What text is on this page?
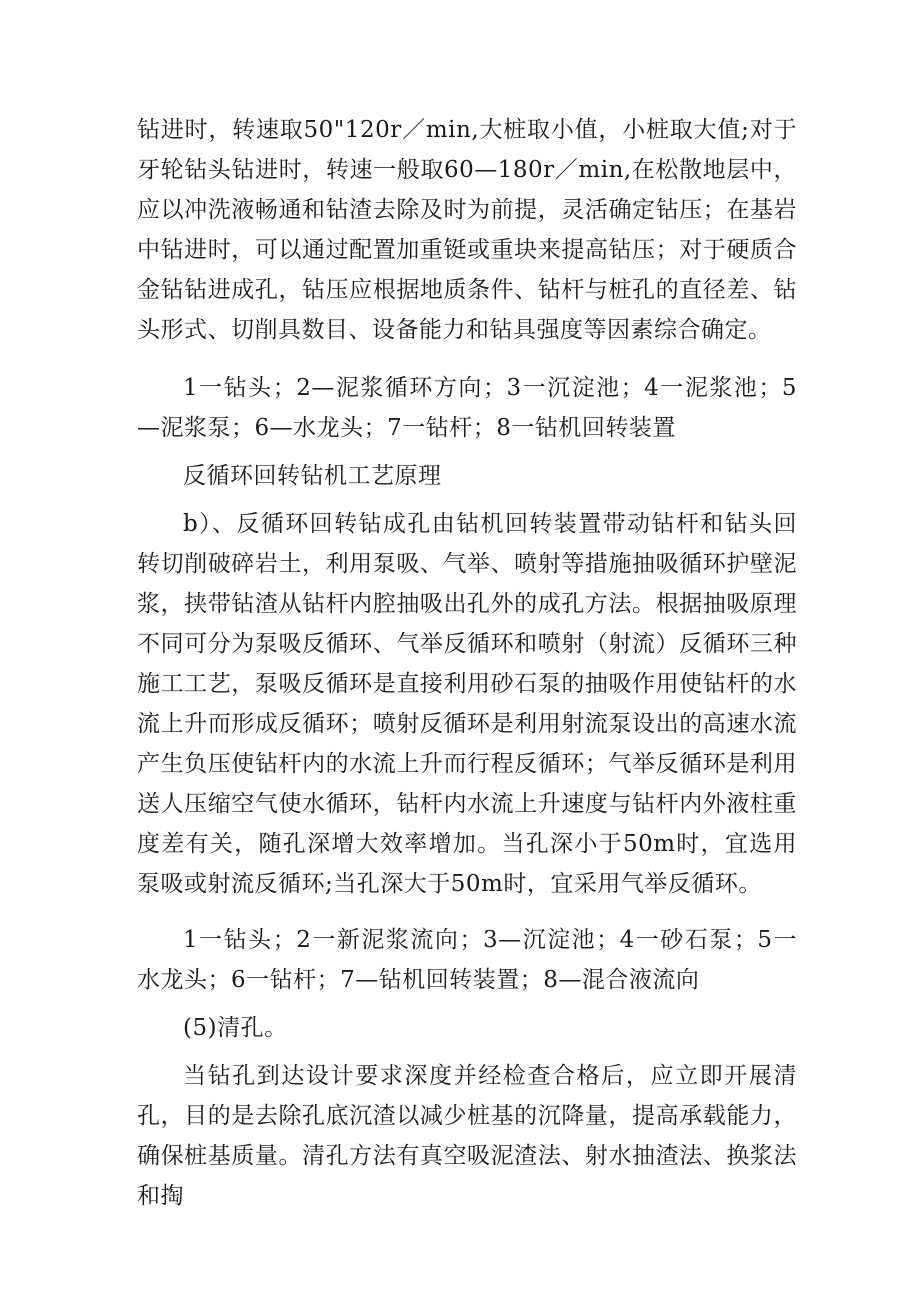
钻进时，转速取50"120r／min,大桩取小值，小桩取大值;对于牙轮钻头钻进时，转速一般取60—180r／min,在松散地层中，应以冲洗液畅通和钻渣去除及时为前提，灵活确定钻压；在基岩中钻进时，可以通过配置加重铤或重块来提高钻压；对于硬质合金钻钻进成孔，钻压应根据地质条件、钻杆与桩孔的直径差、钻头形式、切削具数目、设备能力和钻具强度等因素综合确定。

1一钻头；2—泥浆循环方向；3一沉淀池；4一泥浆池；5—泥浆泵；6—水龙头；7一钻杆；8一钻机回转装置

反循环回转钻机工艺原理

b）、反循环回转钻成孔由钻机回转装置带动钻杆和钻头回转切削破碎岩土，利用泵吸、气举、喷射等措施抽吸循环护壁泥浆，挟带钻渣从钻杆内腔抽吸出孔外的成孔方法。根据抽吸原理不同可分为泵吸反循环、气举反循环和喷射（射流）反循环三种施工工艺，泵吸反循环是直接利用砂石泵的抽吸作用使钻杆的水流上升而形成反循环；喷射反循环是利用射流泵设出的高速水流产生负压使钻杆内的水流上升而行程反循环；气举反循环是利用送人压缩空气使水循环，钻杆内水流上升速度与钻杆内外液柱重度差有关，随孔深增大效率增加。当孔深小于50m时，宜选用泵吸或射流反循环;当孔深大于50m时，宜采用气举反循环。

1一钻头；2一新泥浆流向；3—沉淀池；4一砂石泵；5一水龙头；6一钻杆；7—钻机回转装置；8—混合液流向

(5)清孔。

当钻孔到达设计要求深度并经检查合格后，应立即开展清孔，目的是去除孔底沉渣以减少桩基的沉降量，提高承载能力，确保桩基质量。清孔方法有真空吸泥渣法、射水抽渣法、换浆法和掏
